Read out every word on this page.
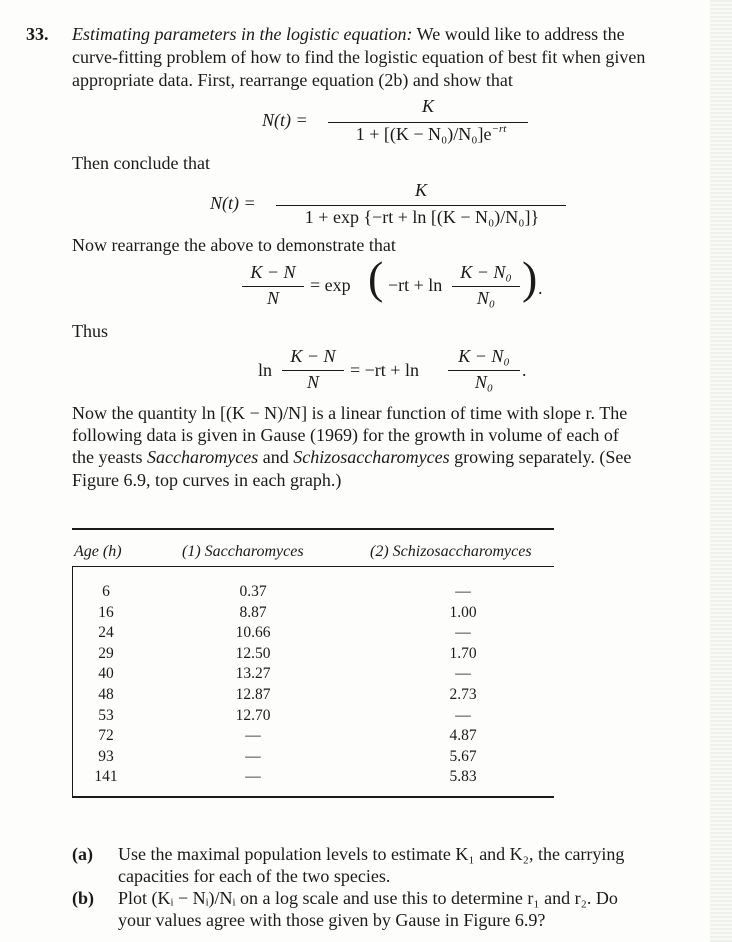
33. Estimating parameters in the logistic equation: We would like to address the
curve-fitting problem of how to find the logistic equation of best fit when given
appropriate data. First, rearrange equation (2b) and show that
N(t) =
K
$1 + [(K - N_0)/N_0]e^{-rt}$
Then conclude that
N(t) =
K
1 + exp {−rt + ln [(K − N₀)/N₀]}
Now rearrange the above to demonstrate that
K − N
N
= exp ( −rt + ln
K − N₀
N₀ ) .
Thus
ln
K − N
N
= −rt + ln
K − N₀
N₀
.
Now the quantity ln [(K − N)/N] is a linear function of time with slope r. The
following data is given in Gause (1969) for the growth in volume of each of
the yeasts Saccharomyces and Schizosaccharomyces growing separately. (See
Figure 6.9, top curves in each graph.)
Age (h)	(1) Saccharomyces	(2) Schizosaccharomyces
6
16
24
29
40
48
53
72
93
141
0.37
8.87
10.66
12.50
13.27
12.87
12.70
—
—
—
—
1.00
—
1.70
—
2.73
—
4.87
5.67
5.83
(a) Use the maximal population levels to estimate K₁ and K₂, the carrying
capacities for each of the two species.
(b) Plot (Kᵢ − Nᵢ)/Nᵢ on a log scale and use this to determine r₁ and r₂. Do
your values agree with those given by Gause in Figure 6.9?
